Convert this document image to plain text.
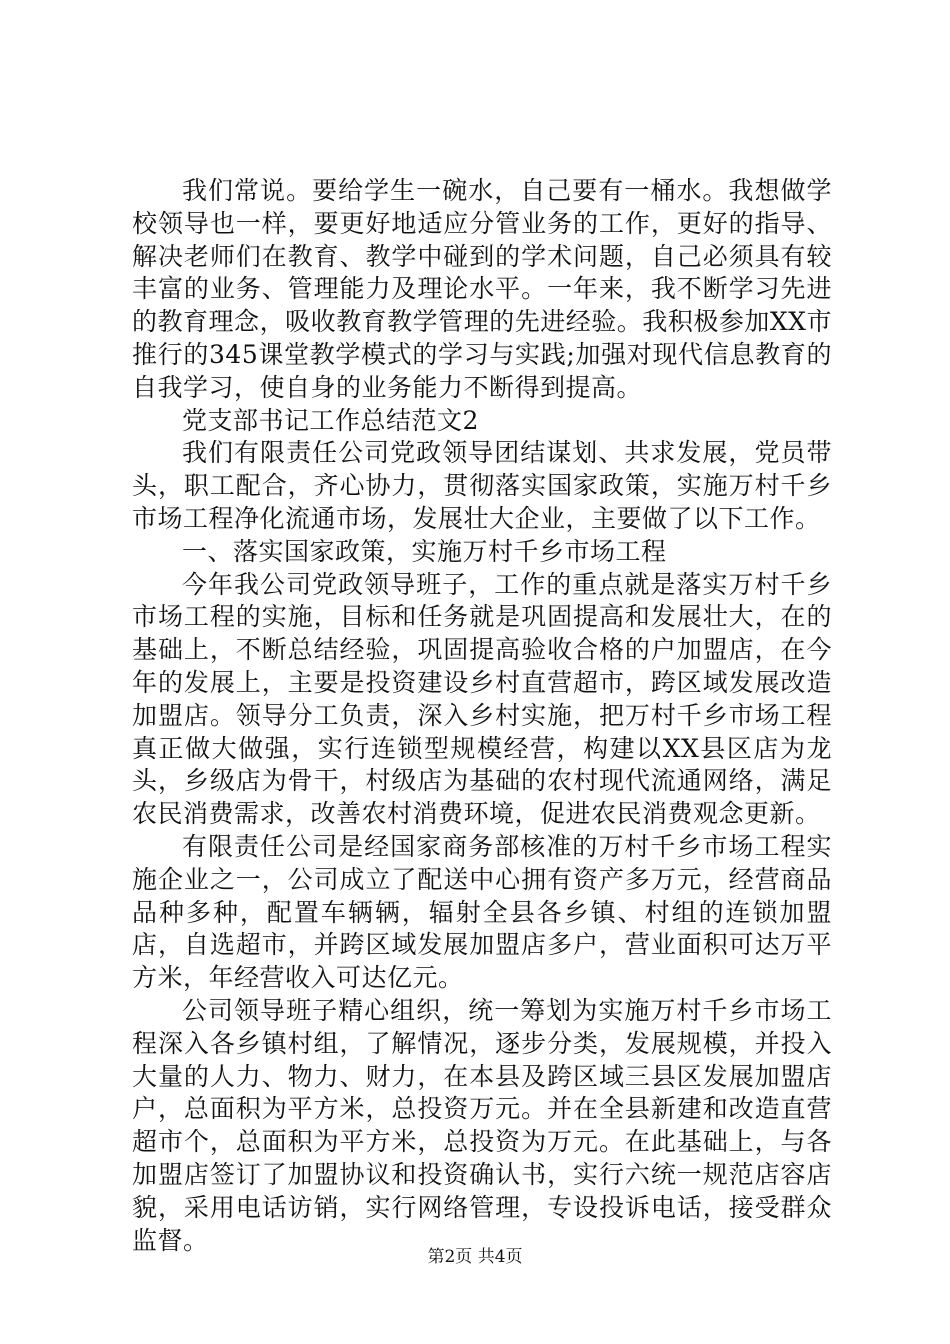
我们常说。要给学生一碗水，自己要有一桶水。我想做学校领导也一样，要更好地适应分管业务的工作，更好的指导、解决老师们在教育、教学中碰到的学术问题，自己必须具有较丰富的业务、管理能力及理论水平。一年来，我不断学习先进的教育理念，吸收教育教学管理的先进经验。我积极参加XX市推行的345课堂教学模式的学习与实践;加强对现代信息教育的自我学习，使自身的业务能力不断得到提高。

党支部书记工作总结范文2

我们有限责任公司党政领导团结谋划、共求发展，党员带头，职工配合，齐心协力，贯彻落实国家政策，实施万村千乡市场工程净化流通市场，发展壮大企业，主要做了以下工作。

一、落实国家政策，实施万村千乡市场工程

今年我公司党政领导班子，工作的重点就是落实万村千乡市场工程的实施，目标和任务就是巩固提高和发展壮大，在的基础上，不断总结经验，巩固提高验收合格的户加盟店，在今年的发展上，主要是投资建设乡村直营超市，跨区域发展改造加盟店。领导分工负责，深入乡村实施，把万村千乡市场工程真正做大做强，实行连锁型规模经营，构建以XX县区店为龙头，乡级店为骨干，村级店为基础的农村现代流通网络，满足农民消费需求，改善农村消费环境，促进农民消费观念更新。

有限责任公司是经国家商务部核准的万村千乡市场工程实施企业之一，公司成立了配送中心拥有资产多万元，经营商品品种多种，配置车辆辆，辐射全县各乡镇、村组的连锁加盟店，自选超市，并跨区域发展加盟店多户，营业面积可达万平方米，年经营收入可达亿元。

公司领导班子精心组织，统一筹划为实施万村千乡市场工程深入各乡镇村组，了解情况，逐步分类，发展规模，并投入大量的人力、物力、财力，在本县及跨区域三县区发展加盟店户，总面积为平方米，总投资万元。并在全县新建和改造直营超市个，总面积为平方米，总投资为万元。在此基础上，与各加盟店签订了加盟协议和投资确认书，实行六统一规范店容店貌，采用电话访销，实行网络管理，专设投诉电话，接受群众监督。

第2页 共4页
